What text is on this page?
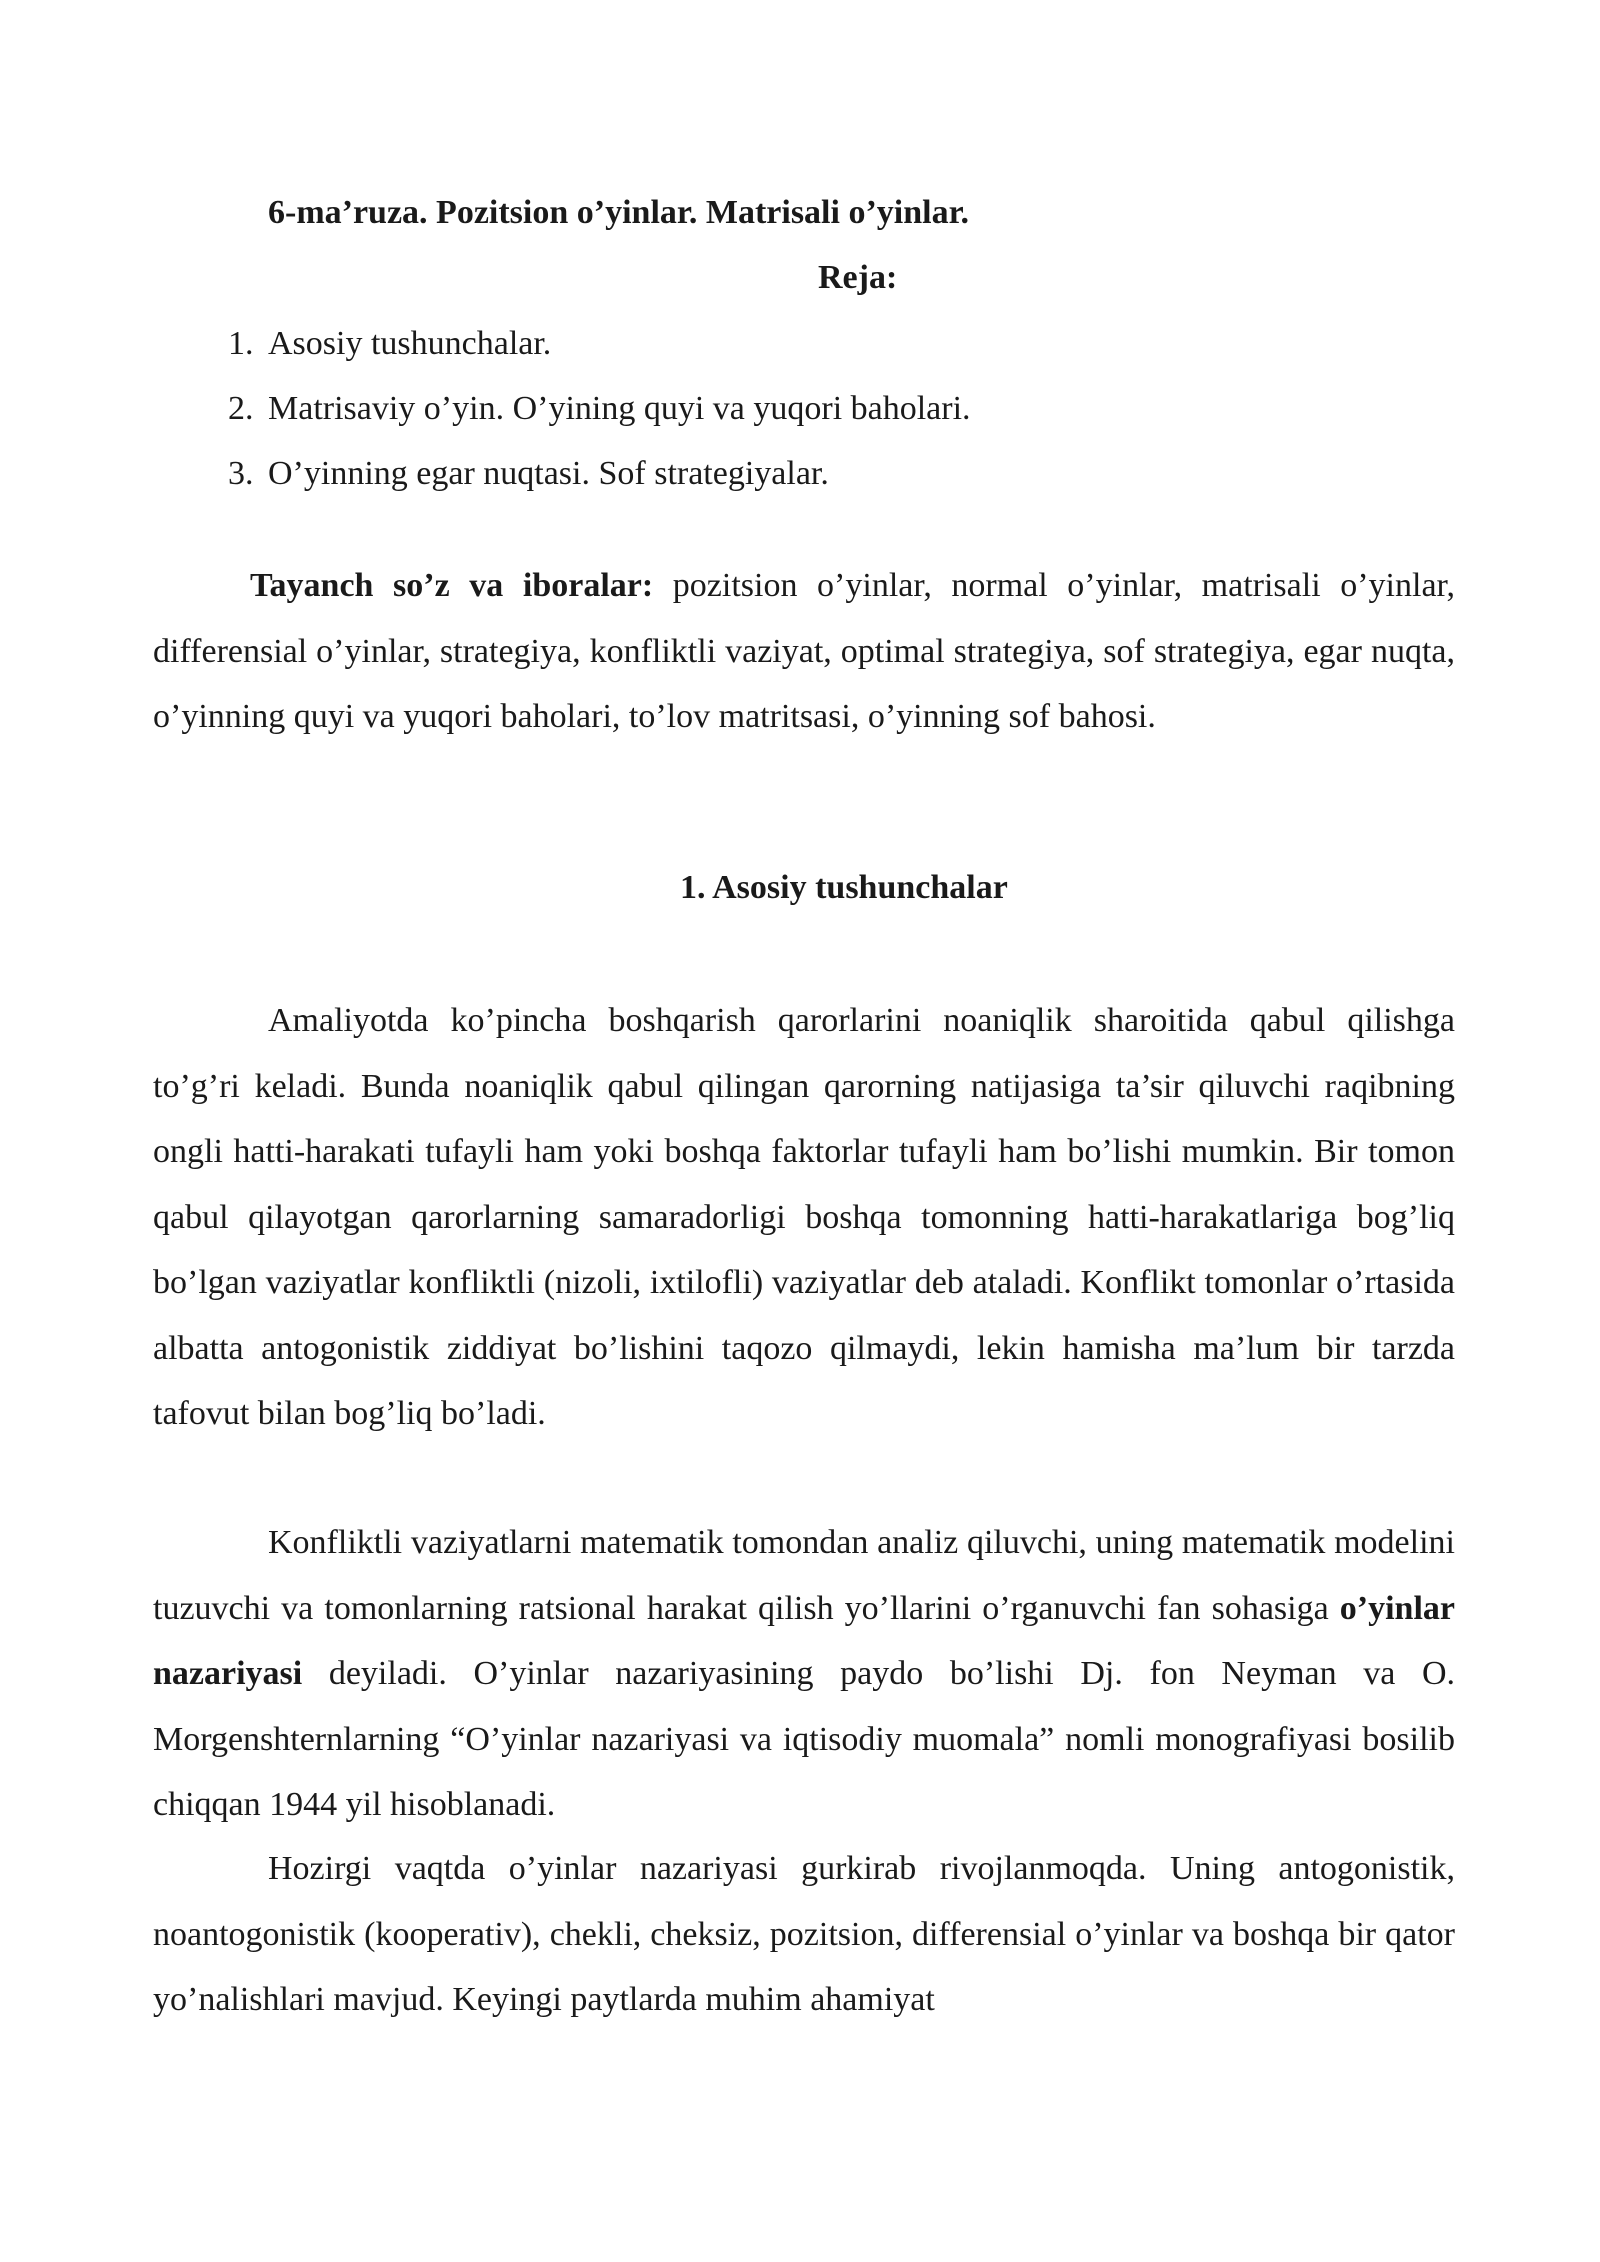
6-ma’ruza. Pozitsion o’yinlar. Matrisali o’yinlar.
Reja:
1. Asosiy tushunchalar.
2. Matrisaviy o’yin. O’yining quyi va yuqori baholari.
3. O’yinning egar nuqtasi. Sof strategiyalar.
Tayanch so’z va iboralar: pozitsion o’yinlar, normal o’yinlar, matrisali o’yinlar, differensial o’yinlar, strategiya, konfliktli vaziyat, optimal strategiya, sof strategiya, egar nuqta, o’yinning quyi va yuqori baholari, to’lov matritsasi, o’yinning sof bahosi.
1. Asosiy tushunchalar
Amaliyotda ko’pincha boshqarish qarorlarini noaniqlik sharoitida qabul qilishga to’g’ri keladi. Bunda noaniqlik qabul qilingan qarorning natijasiga ta’sir qiluvchi raqibning ongli hatti-harakati tufayli ham yoki boshqa faktorlar tufayli ham bo’lishi mumkin. Bir tomon qabul qilayotgan qarorlarning samaradorligi boshqa tomonning hatti-harakatlariga bog’liq bo’lgan vaziyatlar konfliktli (nizoli, ixtilofli) vaziyatlar deb ataladi. Konflikt tomonlar o’rtasida albatta antogonistik ziddiyat bo’lishini taqozo qilmaydi, lekin hamisha ma’lum bir tarzda tafovut bilan bog’liq bo’ladi.
Konfliktli vaziyatlarni matematik tomondan analiz qiluvchi, uning matematik modelini tuzuvchi va tomonlarning ratsional harakat qilish yo’llarini o’rganuvchi fan sohasiga o’yinlar nazariyasi deyiladi. O’yinlar nazariyasining paydo bo’lishi Dj. fon Neyman va O. Morgenshternlarning “O’yinlar nazariyasi va iqtisodiy muomala” nomli monografiyasi bosilib chiqqan 1944 yil hisoblanadi.
Hozirgi vaqtda o’yinlar nazariyasi gurkirab rivojlanmoqda. Uning antogonistik, noantogonistik (kooperativ), chekli, cheksiz, pozitsion, differensial o’yinlar va boshqa bir qator yo’nalishlari mavjud. Keyingi paytlarda muhim ahamiyat
